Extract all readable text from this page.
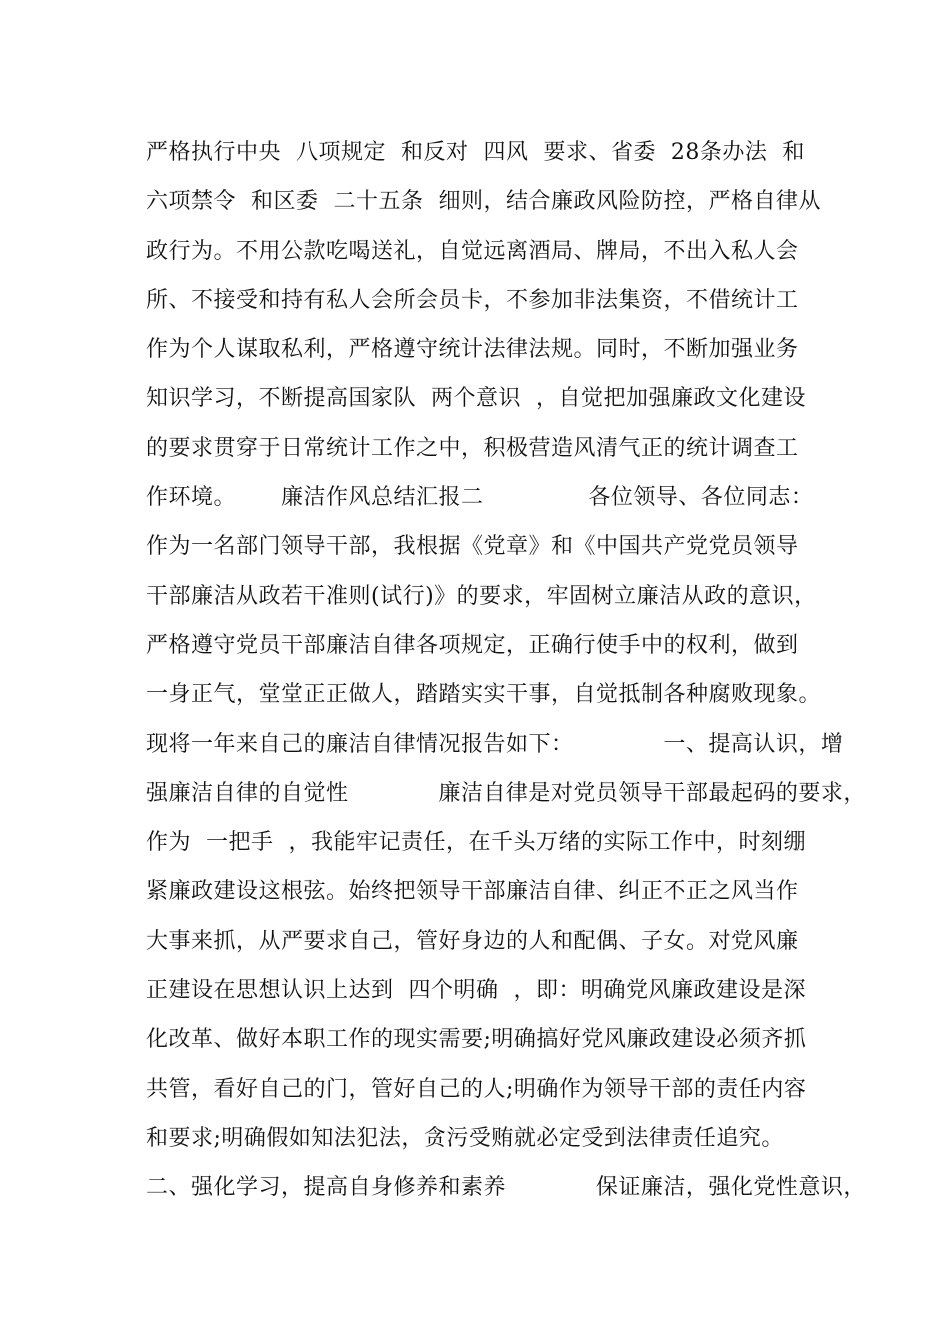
严格执行中央  八项规定  和反对  四风  要求、省委  28条办法  和
六项禁令  和区委  二十五条  细则，结合廉政风险防控，严格自律从
政行为。不用公款吃喝送礼，自觉远离酒局、牌局，不出入私人会
所、不接受和持有私人会所会员卡，不参加非法集资，不借统计工
作为个人谋取私利，严格遵守统计法律法规。同时，不断加强业务
知识学习，不断提高国家队  两个意识  ，自觉把加强廉政文化建设
的要求贯穿于日常统计工作之中，积极营造风清气正的统计调查工
作环境。      廉洁作风总结汇报二              各位领导、各位同志：
作为一名部门领导干部，我根据《党章》和《中国共产党党员领导
干部廉洁从政若干准则(试行)》的要求，牢固树立廉洁从政的意识，
严格遵守党员干部廉洁自律各项规定，正确行使手中的权利，做到
一身正气，堂堂正正做人，踏踏实实干事，自觉抵制各种腐败现象。
现将一年来自己的廉洁自律情况报告如下：            一、提高认识，增
强廉洁自律的自觉性            廉洁自律是对党员领导干部最起码的要求，
作为  一把手  ，我能牢记责任，在千头万绪的实际工作中，时刻绷
紧廉政建设这根弦。始终把领导干部廉洁自律、纠正不正之风当作
大事来抓，从严要求自己，管好身边的人和配偶、子女。对党风廉
正建设在思想认识上达到  四个明确  ，即：明确党风廉政建设是深
化改革、做好本职工作的现实需要;明确搞好党风廉政建设必须齐抓
共管，看好自己的门，管好自己的人;明确作为领导干部的责任内容
和要求;明确假如知法犯法，贪污受贿就必定受到法律责任追究。
二、强化学习，提高自身修养和素养            保证廉洁，强化党性意识，
